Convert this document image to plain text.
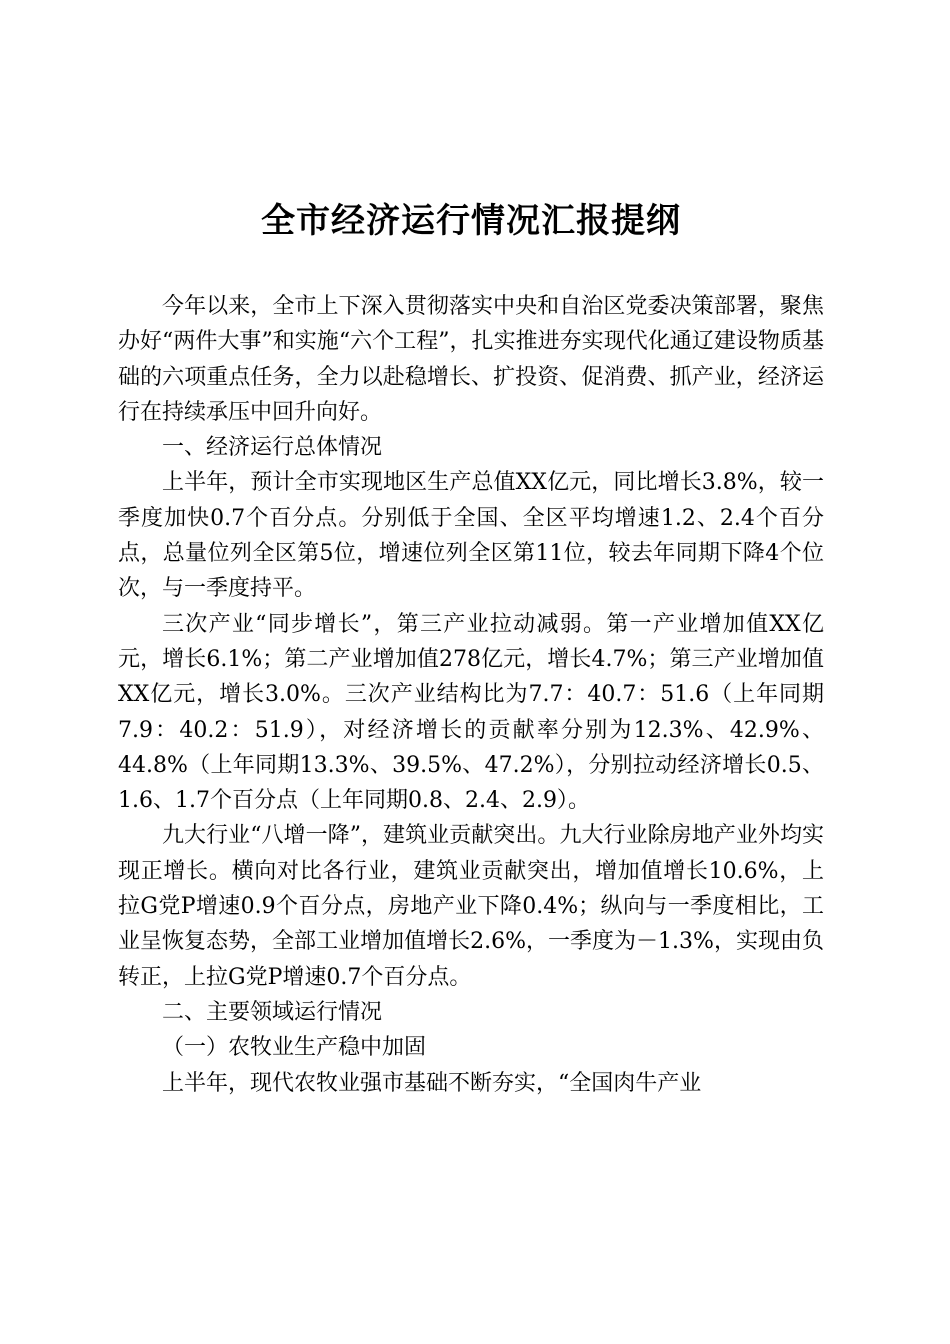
全市经济运行情况汇报提纲

今年以来，全市上下深入贯彻落实中央和自治区党委决策部署，聚焦办好“两件大事”和实施“六个工程”，扎实推进夯实现代化通辽建设物质基础的六项重点任务，全力以赴稳增长、扩投资、促消费、抓产业，经济运行在持续承压中回升向好。

一、经济运行总体情况

上半年，预计全市实现地区生产总值XX亿元，同比增长3.8%，较一季度加快0.7个百分点。分别低于全国、全区平均增速1.2、2.4个百分点，总量位列全区第5位，增速位列全区第11位，较去年同期下降4个位次，与一季度持平。

三次产业“同步增长”，第三产业拉动减弱。第一产业增加值XX亿元，增长6.1%；第二产业增加值278亿元，增长4.7%；第三产业增加值XX亿元，增长3.0%。三次产业结构比为7.7：40.7：51.6（上年同期7.9：40.2：51.9），对经济增长的贡献率分别为12.3%、42.9%、44.8%（上年同期13.3%、39.5%、47.2%），分别拉动经济增长0.5、1.6、1.7个百分点（上年同期0.8、2.4、2.9）。

九大行业“八增一降”，建筑业贡献突出。九大行业除房地产业外均实现正增长。横向对比各行业，建筑业贡献突出，增加值增长10.6%，上拉G党P增速0.9个百分点，房地产业下降0.4%；纵向与一季度相比，工业呈恢复态势，全部工业增加值增长2.6%，一季度为－1.3%，实现由负转正，上拉G党P增速0.7个百分点。

二、主要领域运行情况

（一）农牧业生产稳中加固

上半年，现代农牧业强市基础不断夯实，“全国肉牛产业
